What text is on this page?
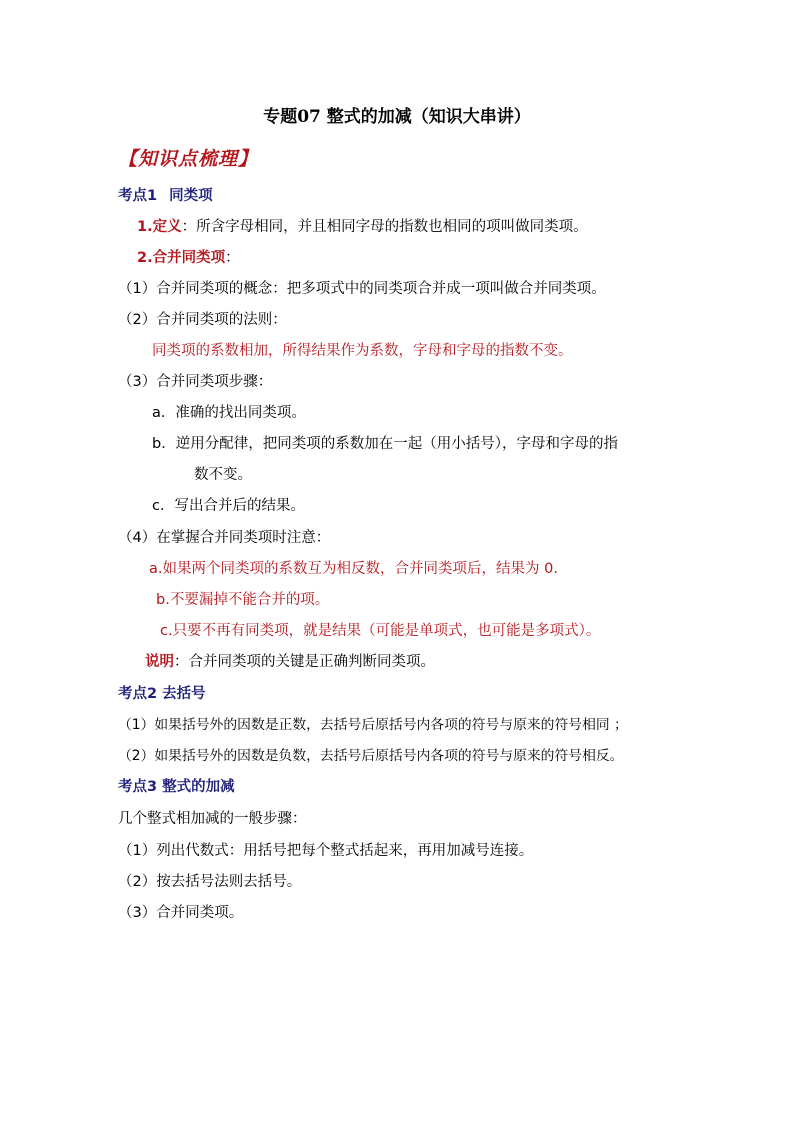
专题07 整式的加减（知识大串讲）
【知识点梳理】
考点1 同类项
1.定义：所含字母相同，并且相同字母的指数也相同的项叫做同类项。
2.合并同类项：
（1）合并同类项的概念：把多项式中的同类项合并成一项叫做合并同类项。
（2）合并同类项的法则：
同类项的系数相加，所得结果作为系数，字母和字母的指数不变。
（3）合并同类项步骤：
a．准确的找出同类项。
b．逆用分配律，把同类项的系数加在一起（用小括号），字母和字母的指
数不变。
c．写出合并后的结果。
（4）在掌握合并同类项时注意：
a.如果两个同类项的系数互为相反数，合并同类项后，结果为 0.
b.不要漏掉不能合并的项。
c.只要不再有同类项，就是结果（可能是单项式，也可能是多项式）。
说明：合并同类项的关键是正确判断同类项。
考点2 去括号
（1）如果括号外的因数是正数，去括号后原括号内各项的符号与原来的符号相同 ；
（2）如果括号外的因数是负数，去括号后原括号内各项的符号与原来的符号相反。
考点3 整式的加减
几个整式相加减的一般步骤：
（1）列出代数式：用括号把每个整式括起来，再用加减号连接。
（2）按去括号法则去括号。
（3）合并同类项。
